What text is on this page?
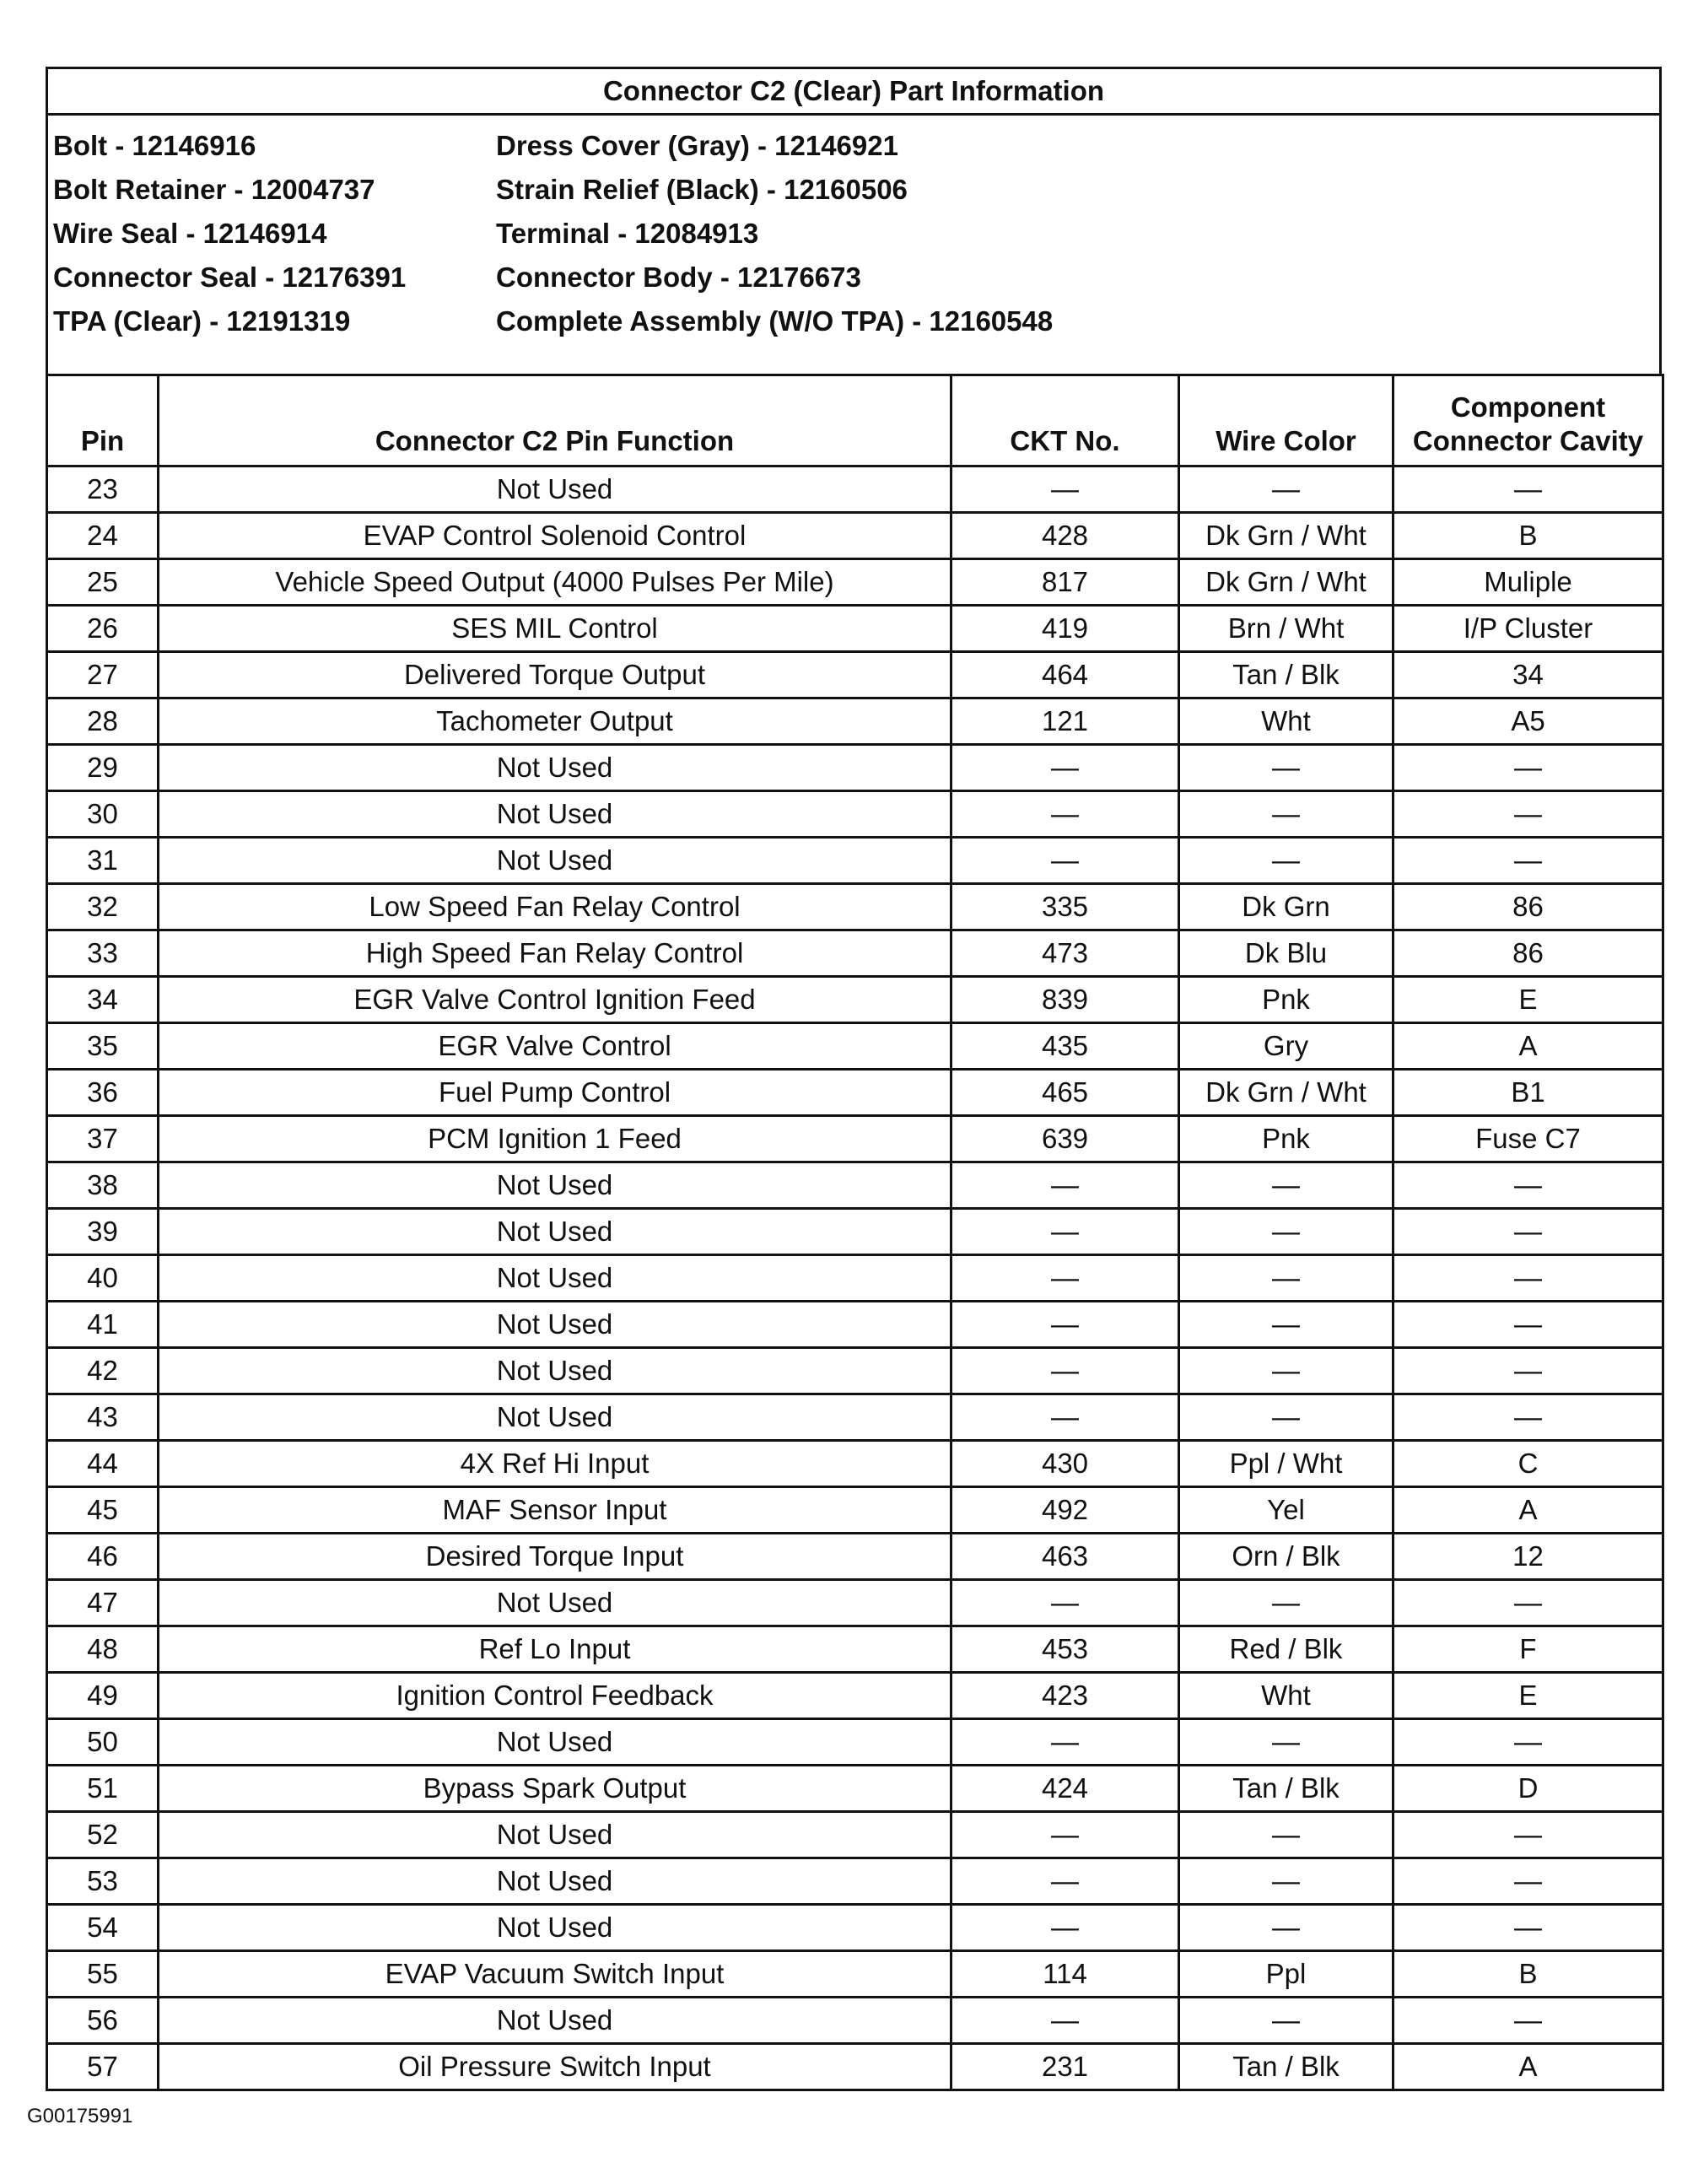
Connector C2 (Clear) Part Information
Bolt - 12146916	Dress Cover (Gray) - 12146921
Bolt Retainer - 12004737	Strain Relief (Black) - 12160506
Wire Seal - 12146914	Terminal - 12084913
Connector Seal - 12176391	Connector Body - 12176673
TPA (Clear) - 12191319	Complete Assembly (W/O TPA) - 12160548
Pin	Connector C2 Pin Function	CKT No.	Wire Color	Component
Connector Cavity
23	Not Used	—	—	—
24	EVAP Control Solenoid Control	428	Dk Grn / Wht	B
25	Vehicle Speed Output (4000 Pulses Per Mile)	817	Dk Grn / Wht	Muliple
26	SES MIL Control	419	Brn / Wht	I/P Cluster
27	Delivered Torque Output	464	Tan / Blk	34
28	Tachometer Output	121	Wht	A5
29	Not Used	—	—	—
30	Not Used	—	—	—
31	Not Used	—	—	—
32	Low Speed Fan Relay Control	335	Dk Grn	86
33	High Speed Fan Relay Control	473	Dk Blu	86
34	EGR Valve Control Ignition Feed	839	Pnk	E
35	EGR Valve Control	435	Gry	A
36	Fuel Pump Control	465	Dk Grn / Wht	B1
37	PCM Ignition 1 Feed	639	Pnk	Fuse C7
38	Not Used	—	—	—
39	Not Used	—	—	—
40	Not Used	—	—	—
41	Not Used	—	—	—
42	Not Used	—	—	—
43	Not Used	—	—	—
44	4X Ref Hi Input	430	Ppl / Wht	C
45	MAF Sensor Input	492	Yel	A
46	Desired Torque Input	463	Orn / Blk	12
47	Not Used	—	—	—
48	Ref Lo Input	453	Red / Blk	F
49	Ignition Control Feedback	423	Wht	E
50	Not Used	—	—	—
51	Bypass Spark Output	424	Tan / Blk	D
52	Not Used	—	—	—
53	Not Used	—	—	—
54	Not Used	—	—	—
55	EVAP Vacuum Switch Input	114	Ppl	B
56	Not Used	—	—	—
57	Oil Pressure Switch Input	231	Tan / Blk	A
G00175991
